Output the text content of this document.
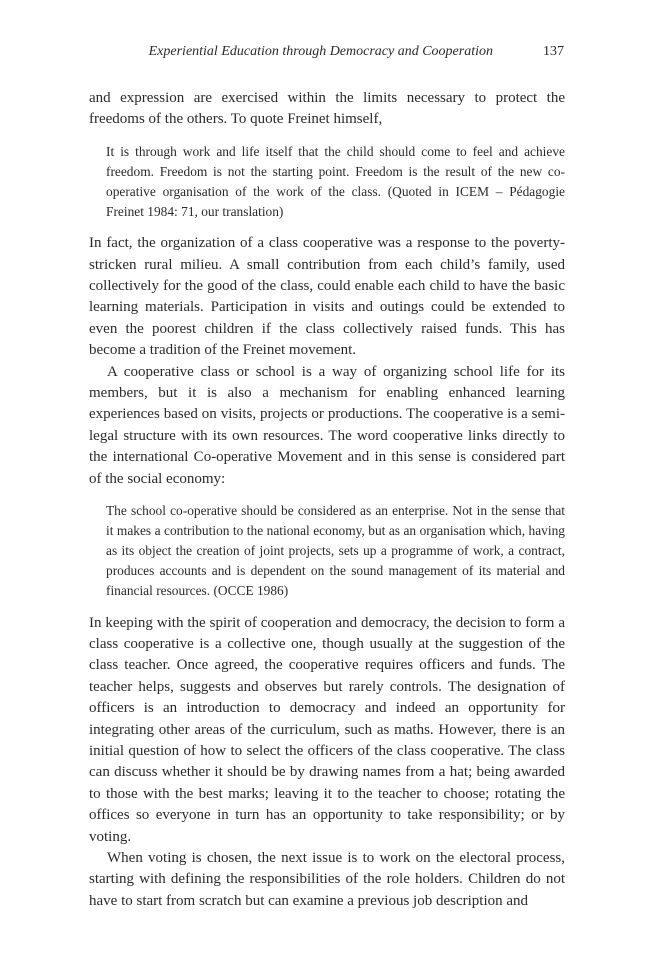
Experiential Education through Democracy and Cooperation	137

and expression are exercised within the limits necessary to protect the freedoms of the others. To quote Freinet himself,

It is through work and life itself that the child should come to feel and achieve freedom. Freedom is not the starting point. Freedom is the result of the new co-operative organisation of the work of the class. (Quoted in ICEM – Pédagogie Freinet 1984: 71, our translation)

In fact, the organization of a class cooperative was a response to the poverty-stricken rural milieu. A small contribution from each child’s family, used collectively for the good of the class, could enable each child to have the basic learning materials. Participation in visits and outings could be extended to even the poorest children if the class collectively raised funds. This has become a tradition of the Freinet movement.

A cooperative class or school is a way of organizing school life for its members, but it is also a mechanism for enabling enhanced learning experiences based on visits, projects or productions. The cooperative is a semi-legal structure with its own resources. The word cooperative links directly to the international Co-operative Movement and in this sense is considered part of the social economy:

The school co-operative should be considered as an enterprise. Not in the sense that it makes a contribution to the national economy, but as an organisation which, having as its object the creation of joint projects, sets up a programme of work, a contract, produces accounts and is dependent on the sound management of its material and financial resources. (OCCE 1986)

In keeping with the spirit of cooperation and democracy, the decision to form a class cooperative is a collective one, though usually at the suggestion of the class teacher. Once agreed, the cooperative requires officers and funds. The teacher helps, suggests and observes but rarely controls. The designation of officers is an introduction to democracy and indeed an opportunity for integrating other areas of the curriculum, such as maths. However, there is an initial question of how to select the officers of the class cooperative. The class can discuss whether it should be by drawing names from a hat; being awarded to those with the best marks; leaving it to the teacher to choose; rotating the offices so everyone in turn has an opportunity to take responsibility; or by voting.

When voting is chosen, the next issue is to work on the electoral process, starting with defining the responsibilities of the role holders. Children do not have to start from scratch but can examine a previous job description and
